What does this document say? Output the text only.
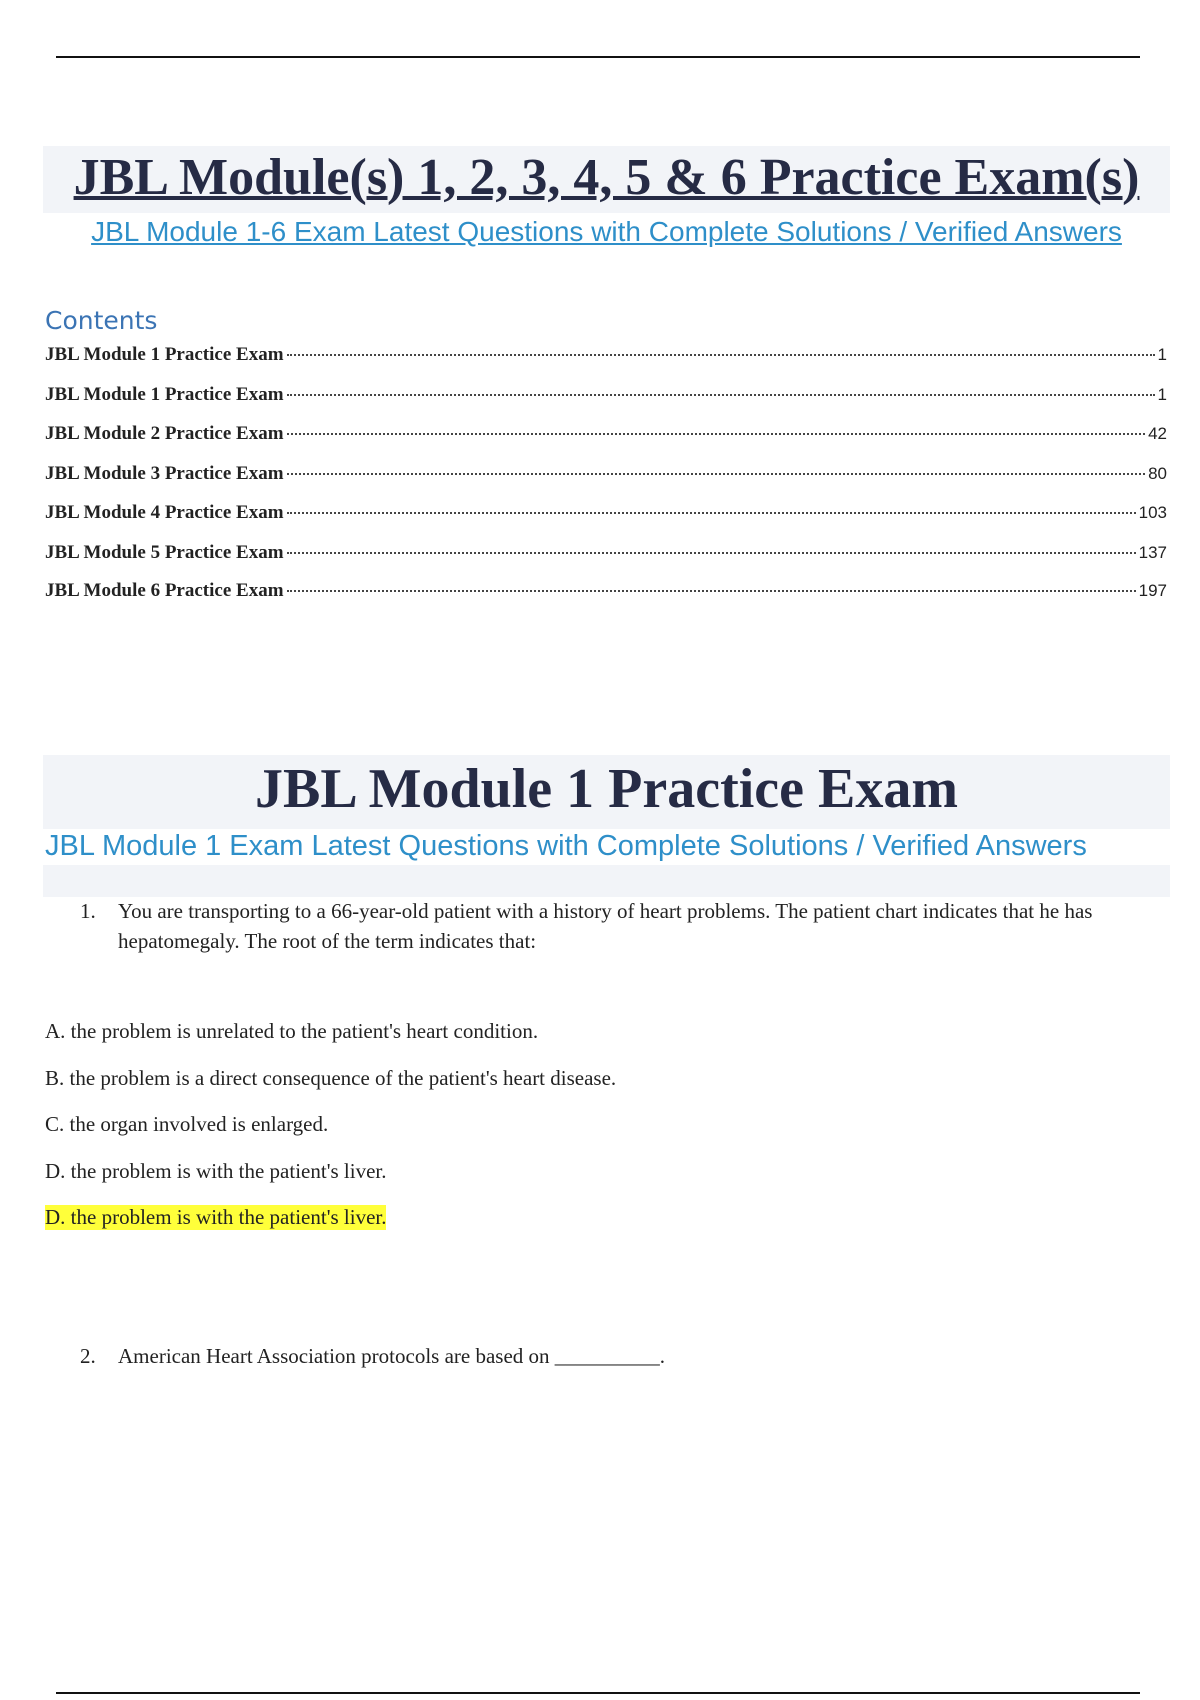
JBL Module(s) 1, 2, 3, 4, 5 & 6 Practice Exam(s)
JBL Module 1-6 Exam Latest Questions with Complete Solutions / Verified Answers
Contents
JBL Module 1 Practice Exam	1
JBL Module 1 Practice Exam	1
JBL Module 2 Practice Exam	42
JBL Module 3 Practice Exam	80
JBL Module 4 Practice Exam	103
JBL Module 5 Practice Exam	137
JBL Module 6 Practice Exam	197
JBL Module 1 Practice Exam
JBL Module 1 Exam Latest Questions with Complete Solutions / Verified Answers
1. You are transporting to a 66-year-old patient with a history of heart problems. The patient chart indicates that he has hepatomegaly. The root of the term indicates that:
A. the problem is unrelated to the patient's heart condition.
B. the problem is a direct consequence of the patient's heart disease.
C. the organ involved is enlarged.
D. the problem is with the patient's liver.
D. the problem is with the patient's liver.
2. American Heart Association protocols are based on __________.
